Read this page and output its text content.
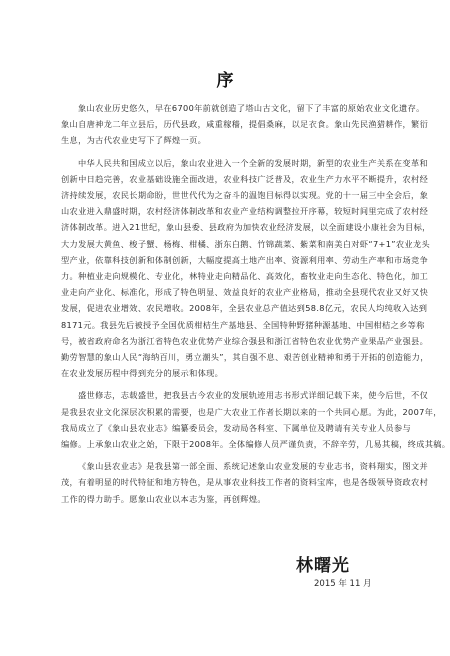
序
象山农业历史悠久，早在6700年前就创造了塔山古文化，留下了丰富的原始农业文化遗存。
象山自唐神龙二年立县后，历代县政，咸重稼穑，提倡桑麻，以足衣食。象山先民渔猎耕作，繁衍
生息，为古代农业史写下了辉煌一页。
中华人民共和国成立以后，象山农业进入一个全新的发展时期，新型的农业生产关系在变革和
创新中日趋完善，农业基础设施全面改进，农业科技广泛普及，农业生产力水平不断提升，农村经
济持续发展，农民长期命盼，世世代代为之奋斗的温饱目标得以实现。党的十一届三中全会后，象
山农业进入鼎盛时期，农村经济体制改革和农业产业结构调整拉开序幕，较短时间里完成了农村经
济体制改革。进入21世纪，象山县委、县政府为加快农业经济发展，以全面建设小康社会为目标，
大力发展大黄鱼、梭子蟹、杨梅、柑橘、浙东白鹅、竹锦蔬菜、紫菜和南美白对虾“7+1”农业龙头
型产业，依靠科技创新和体制创新，大幅度提高土地产出率、资源利用率、劳动生产率和市场竞争
力。种植业走向规模化、专业化，林特业走向精品化、高效化，畜牧业走向生态化、特色化，加工
业走向产业化、标准化，形成了特色明显、效益良好的农业产业格局，推动全县现代农业又好又快
发展，促进农业增效、农民增收。2008年，全县农业总产值达到58.8亿元，农民人均纯收入达到
8171元。我县先后被授予全国优质柑桔生产基地县、全国特种野猪种源基地、中国柑桔之乡等称
号，被省政府命名为浙江省特色农业优势产业综合强县和浙江省特色农业优势产业果品产业强县。
勤劳智慧的象山人民“海纳百川，勇立潮头”，其自强不息、艰苦创业精神和勇于开拓的创造能力，
在农业发展历程中得到充分的展示和体现。
盛世修志，志载盛世，把我县古今农业的发展轨迹用志书形式详细记载下来，使今后世，不仅
是我县农业文化深层次积累的需要，也是广大农业工作者长期以来的一个共同心愿。为此，2007年，
我局成立了《象山县农业志》编纂委员会，发动局各科室、下属单位及聘请有关专业人员参与
编修。上承象山农业之始，下限于2008年。全体编修人员严谨负责，不辞辛劳，几易其稿，终成其稿。
《象山县农业志》是我县第一部全面、系统记述象山农业发展的专业志书，资料翔实，图文并
茂，有着明显的时代特征和地方特色，是从事农业科技工作者的资料宝库，也是各级领导资政农村
工作的得力助手。愿象山农业以本志为鉴，再创辉煌。
林曙光
2015 年 11 月
